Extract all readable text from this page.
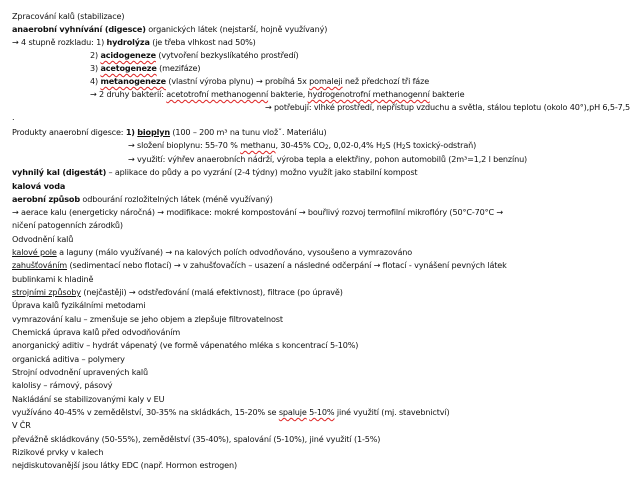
Zpracování kalů (stabilizace)
anaerobní vyhnívání (digesce) organických látek (nejstarší, hojně využívaný)
→ 4 stupně rozkladu: 1) hydrolýza (je třeba vlhkost nad 50%)
2) acidogeneze (vytvoření bezkyslíkatého prostředí)
3) acetogeneze (mezifáze)
4) metanogeneze (vlastní výroba plynu) → probíhá 5x pomaleji než předchozí tři fáze
→ 2 druhy bakterií: acetotrofní methanogenní bakterie, hydrogenotrofní methanogenní bakterie
→ potřebují: vlhké prostředí, nepřístup vzduchu a světla, stálou teplotu (okolo 40°),pH 6,5-7,5
.
Produkty anaerobní digesce: 1) bioplyn (100 – 200 m³ na tunu vložˇ. Materiálu)
→ složení bioplynu: 55-70 % methanu, 30-45% $CO_2$, 0,02-0,4% $H_2S$ ($H_2S$ toxický-odstraň)
→ využití: výhřev anaerobních nádrží, výroba tepla a elektřiny, pohon automobilů (2m³=1,2 l benzínu)
vyhnilý kal (digestát) – aplikace do půdy a po vyzrání (2-4 týdny) možno využít jako stabilní kompost
kalová voda
aerobní způsob odbourání rozložitelných látek (méně využívaný)
→ aerace kalu (energeticky náročná) → modifikace: mokré kompostování → bouřlivý rozvoj termofilní mikroflóry (50°C-70°C →
ničení patogenních zárodků)
Odvodnění kalů
kalové pole a laguny (málo využívané) → na kalových polích odvodňováno, vysoušeno a vymrazováno
zahušťováním (sedimentací nebo flotací) → v zahušťovačích – usazení a následné odčerpání → flotací - vynášení pevných látek
bublinkami k hladině
strojními způsoby (nejčastěji) → odstřeďování (malá efektivnost), filtrace (po úpravě)
Úprava kalů fyzikálními metodami
vymrazování kalu – zmenšuje se jeho objem a zlepšuje filtrovatelnost
Chemická úprava kalů před odvodňováním
anorganický aditiv – hydrát vápenatý (ve formě vápenatého mléka s koncentrací 5-10%)
organická aditiva – polymery
Strojní odvodnění upravených kalů
kalolisy – rámový, pásový
Nakládání se stabilizovanými kaly v EU
využíváno 40-45% v zemědělství, 30-35% na skládkách, 15-20% se spaluje 5-10% jiné využití (mj. stavebnictví)
V ČR
převážně skládkovány (50-55%), zemědělství (35-40%), spalování (5-10%), jiné využití (1-5%)
Rizikové prvky v kalech
nejdiskutovanější jsou látky EDC (např. Hormon estrogen)
